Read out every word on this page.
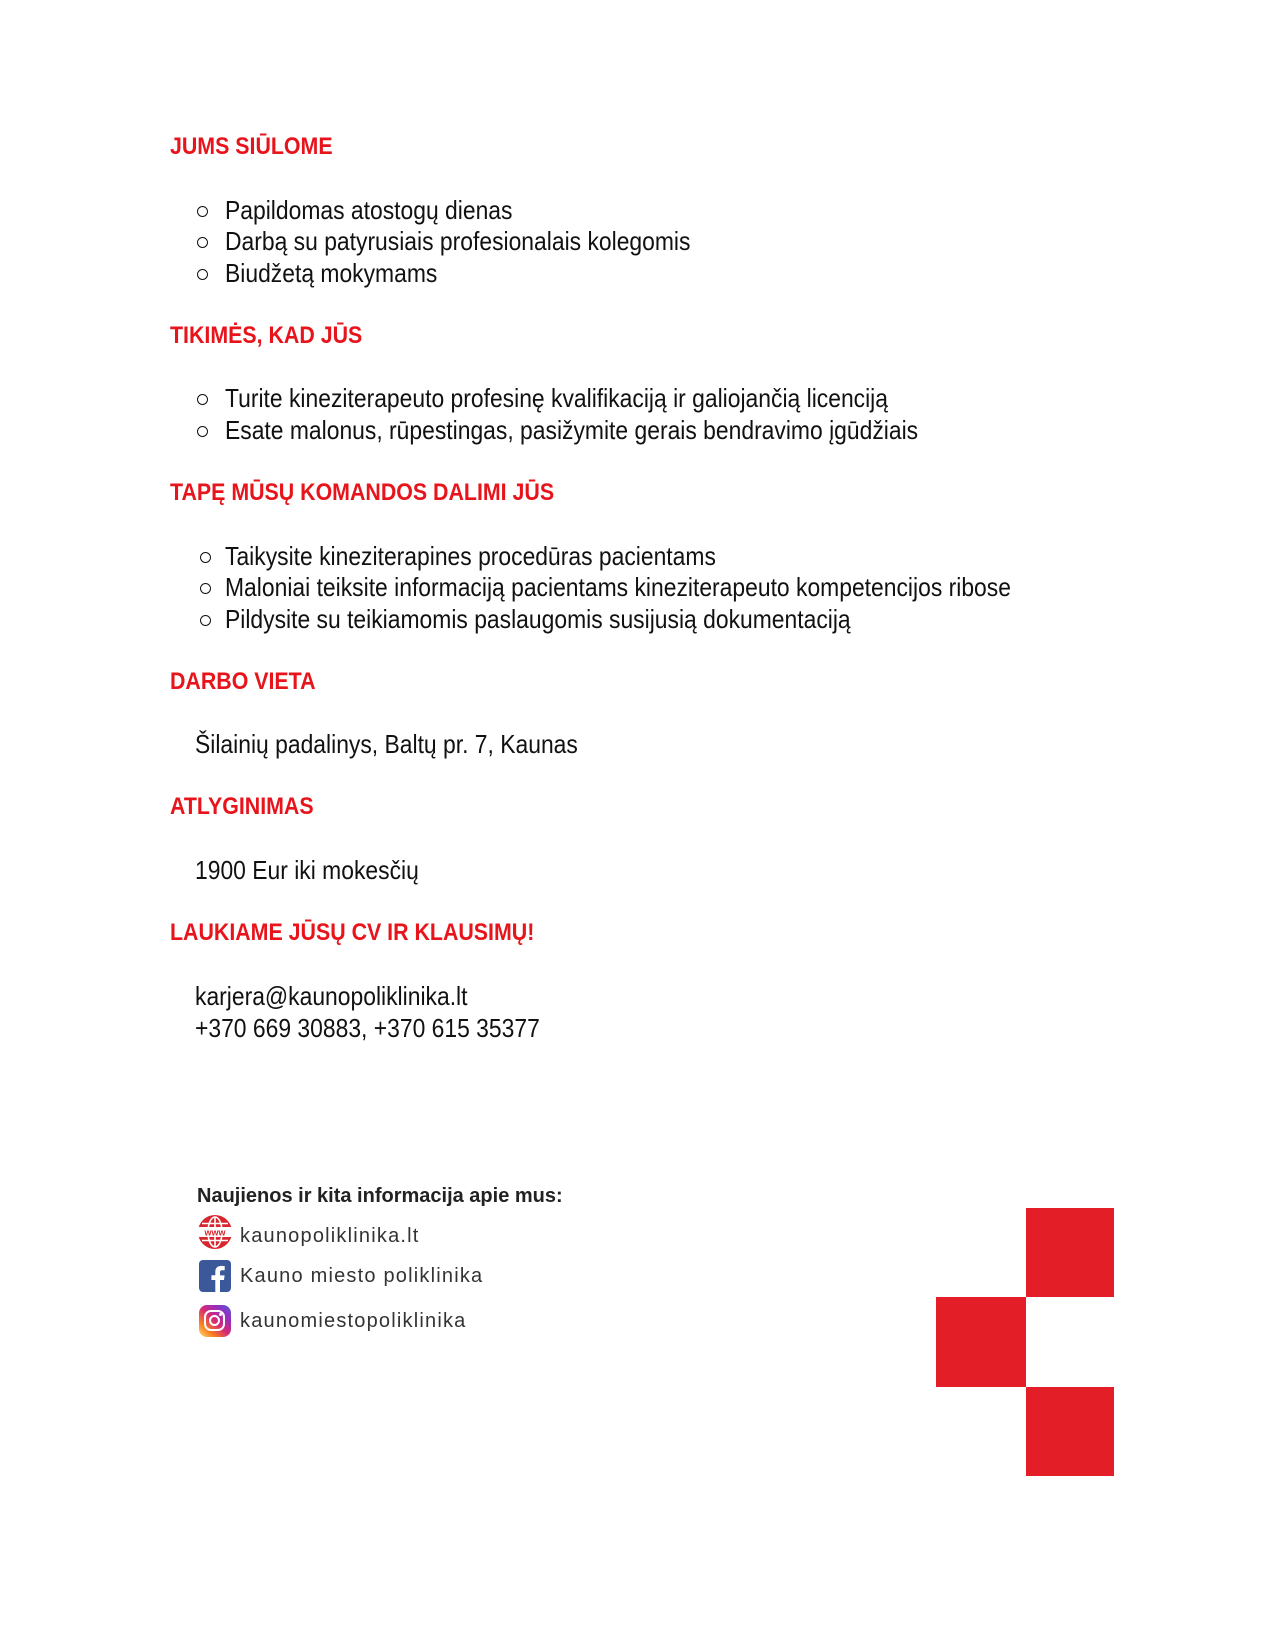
JUMS SIŪLOME
Papildomas atostogų dienas
Darbą su patyrusiais profesionalais kolegomis
Biudžetą mokymams
TIKIMĖS, KAD JŪS
Turite kineziterapeuto profesinę kvalifikaciją ir galiojančią licenciją
Esate malonus, rūpestingas, pasižymite gerais bendravimo įgūdžiais
TAPĘ MŪSŲ KOMANDOS DALIMI JŪS
Taikysite kineziterapines procedūras pacientams
Maloniai teiksite informaciją pacientams kineziterapeuto kompetencijos ribose
Pildysite su teikiamomis paslaugomis susijusią dokumentaciją
DARBO VIETA
Šilainių padalinys, Baltų pr. 7, Kaunas
ATLYGINIMAS
1900 Eur iki mokesčių
LAUKIAME JŪSŲ CV IR KLAUSIMŲ!
karjera@kaunopoliklinika.lt
+370 669 30883, +370 615 35377
Naujienos ir kita informacija apie mus:
www kaunopoliklinika.lt
Kauno miesto poliklinika
kaunomiestopoliklinika
